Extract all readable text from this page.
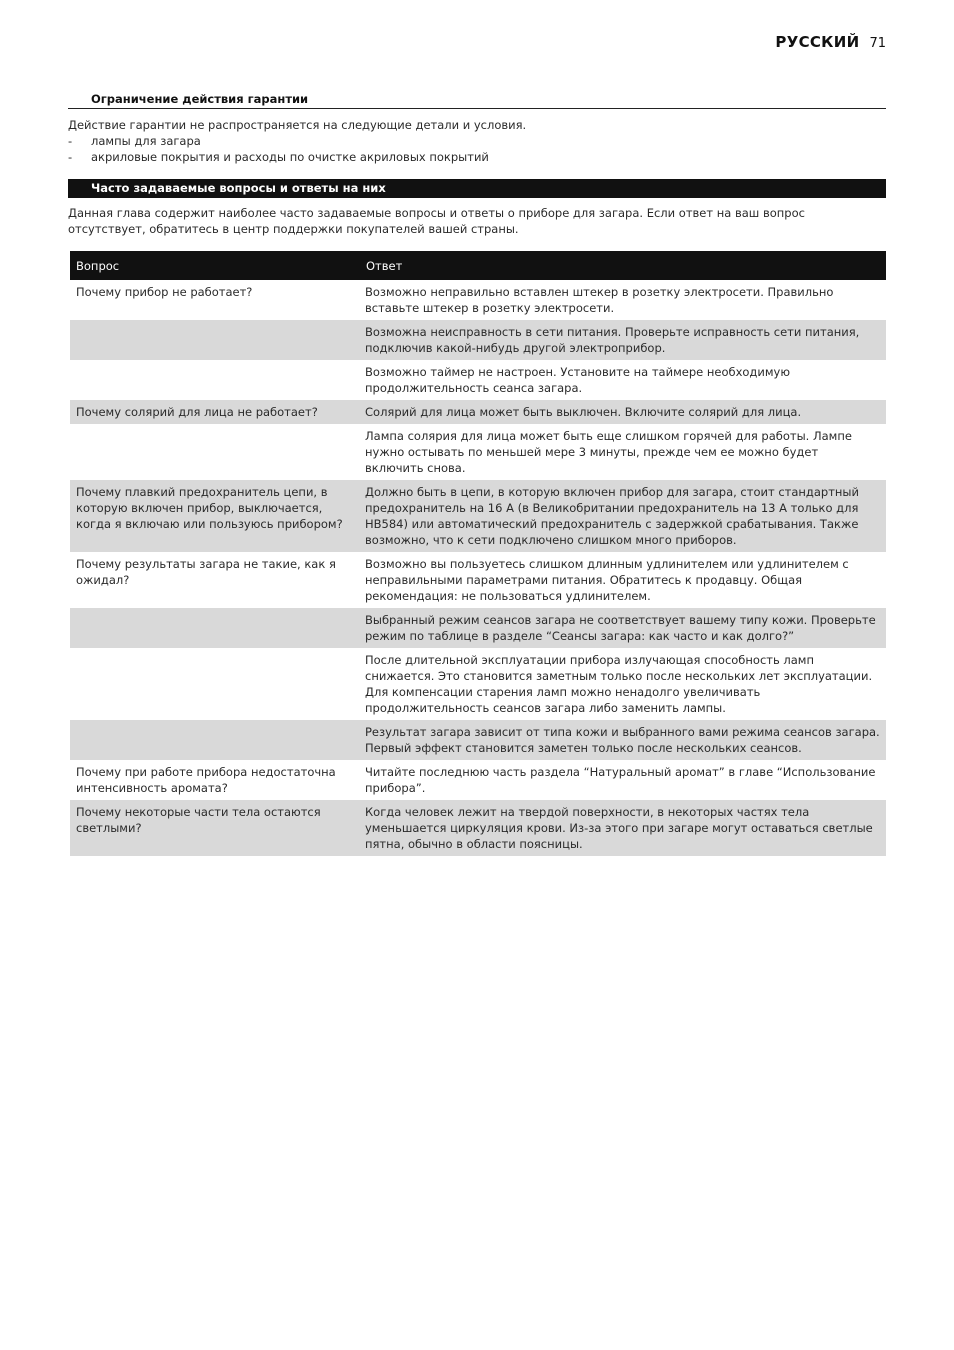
РУССКИЙ 71
Ограничение действия гарантии

Действие гарантии не распространяется на следующие детали и условия.

-	лампы для загара
-	акриловые покрытия и расходы по очистке акриловых покрытий
Часто задаваемые вопросы и ответы на них

Данная глава содержит наиболее часто задаваемые вопросы и ответы о приборе для загара. Если ответ на ваш вопрос отсутствует, обратитесь в центр поддержки покупателей вашей страны.

Вопрос	Ответ
Почему прибор не работает?	Возможно неправильно вставлен штекер в розетку электросети. Правильно вставьте штекер в розетку электросети.
	Возможна неисправность в сети питания. Проверьте исправность сети питания, подключив какой-нибудь другой электроприбор.
	Возможно таймер не настроен. Установите на таймере необходимую продолжительность сеанса загара.
Почему солярий для лица не работает?	Солярий для лица может быть выключен. Включите солярий для лица.
	Лампа солярия для лица может быть еще слишком горячей для работы. Лампе нужно остывать по меньшей мере 3 минуты, прежде чем ее можно будет включить снова.
Почему плавкий предохранитель цепи, в которую включен прибор, выключается, когда я включаю или пользуюсь прибором?	Должно быть в цепи, в которую включен прибор для загара, стоит стандартный предохранитель на 16 А (в Великобритании предохранитель на 13 А только для HB584) или автоматический предохранитель с задержкой срабатывания. Также возможно, что к сети подключено слишком много приборов.
Почему результаты загара не такие, как я ожидал?	Возможно вы пользуетесь слишком длинным удлинителем или удлинителем с неправильными параметрами питания. Обратитесь к продавцу. Общая рекомендация: не пользоваться удлинителем.
	Выбранный режим сеансов загара не соответствует вашему типу кожи. Проверьте режим по таблице в разделе “Сеансы загара: как часто и как долго?”
	После длительной эксплуатации прибора излучающая способность ламп снижается. Это становится заметным только после нескольких лет эксплуатации. Для компенсации старения ламп можно ненадолго увеличивать продолжительность сеансов загара либо заменить лампы.
	Результат загара зависит от типа кожи и выбранного вами режима сеансов загара. Первый эффект становится заметен только после нескольких сеансов.
Почему при работе прибора недостаточна интенсивность аромата?	Читайте последнюю часть раздела “Натуральный аромат” в главе “Использование прибора”.
Почему некоторые части тела остаются светлыми?	Когда человек лежит на твердой поверхности, в некоторых частях тела уменьшается циркуляция крови. Из-за этого при загаре могут оставаться светлые пятна, обычно в области поясницы.
